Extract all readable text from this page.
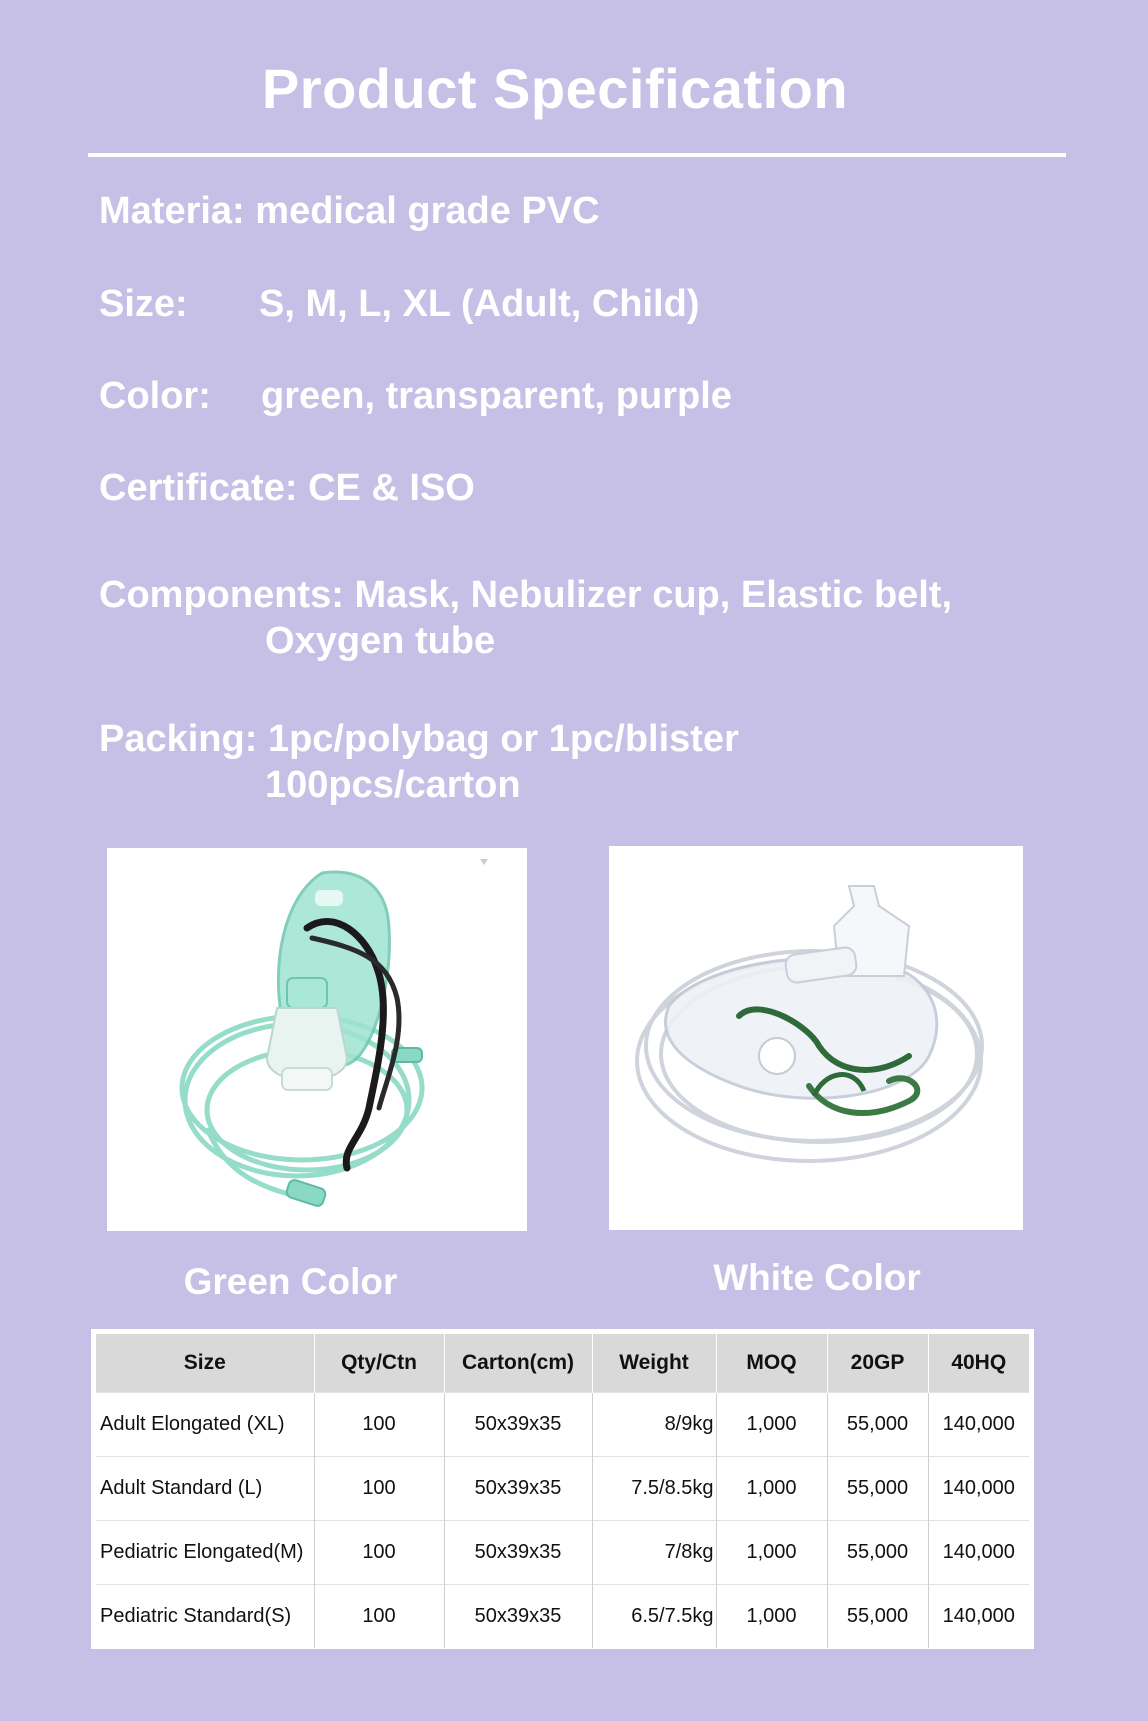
Product Specification
Materia: medical grade PVC
Size: S, M, L, XL (Adult, Child)
Color: green, transparent, purple
Certificate: CE & ISO
Components: Mask, Nebulizer cup, Elastic belt,
Oxygen tube
Packing: 1pc/polybag or 1pc/blister
100pcs/carton
Green Color	White Color
Size	Qty/Ctn	Carton(cm)	Weight	MOQ	20GP	40HQ
Adult Elongated (XL)	100	50x39x35	8/9kg	1,000	55,000	140,000
Adult Standard (L)	100	50x39x35	7.5/8.5kg	1,000	55,000	140,000
Pediatric Elongated(M)	100	50x39x35	7/8kg	1,000	55,000	140,000
Pediatric Standard(S)	100	50x39x35	6.5/7.5kg	1,000	55,000	140,000
